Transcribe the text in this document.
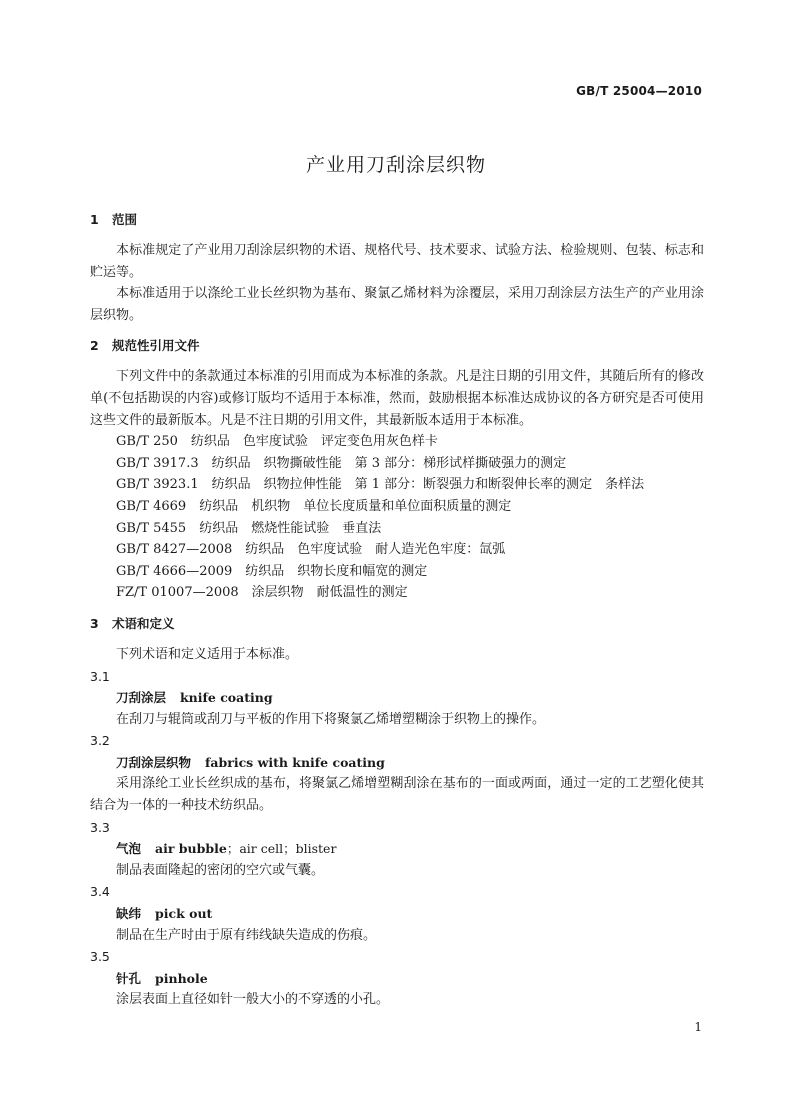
GB/T 25004—2010
产业用刀刮涂层织物
1 范围

本标准规定了产业用刀刮涂层织物的术语、规格代号、技术要求、试验方法、检验规则、包装、标志和贮运等。

本标准适用于以涤纶工业长丝织物为基布、聚氯乙烯材料为涂覆层，采用刀刮涂层方法生产的产业用涂层织物。

2 规范性引用文件

下列文件中的条款通过本标准的引用而成为本标准的条款。凡是注日期的引用文件，其随后所有的修改单(不包括勘误的内容)或修订版均不适用于本标准，然而，鼓励根据本标准达成协议的各方研究是否可使用这些文件的最新版本。凡是不注日期的引用文件，其最新版本适用于本标准。

GB/T 250　纺织品　色牢度试验　评定变色用灰色样卡
GB/T 3917.3　纺织品　织物撕破性能　第 3 部分：梯形试样撕破强力的测定
GB/T 3923.1　纺织品　织物拉伸性能　第 1 部分：断裂强力和断裂伸长率的测定　条样法
GB/T 4669　纺织品　机织物　单位长度质量和单位面积质量的测定
GB/T 5455　纺织品　燃烧性能试验　垂直法
GB/T 8427—2008　纺织品　色牢度试验　耐人造光色牢度：氙弧
GB/T 4666—2009　纺织品　织物长度和幅宽的测定
FZ/T 01007—2008　涂层织物　耐低温性的测定
3 术语和定义

下列术语和定义适用于本标准。

3.1
刀刮涂层 knife coating
在刮刀与辊筒或刮刀与平板的作用下将聚氯乙烯增塑糊涂于织物上的操作。
3.2
刀刮涂层织物 fabrics with knife coating
采用涤纶工业长丝织成的基布，将聚氯乙烯增塑糊刮涂在基布的一面或两面，通过一定的工艺塑化使其结合为一体的一种技术纺织品。
3.3
气泡 air bubble；air cell；blister
制品表面隆起的密闭的空穴或气囊。
3.4
缺纬 pick out
制品在生产时由于原有纬线缺失造成的伤痕。
3.5
针孔 pinhole
涂层表面上直径如针一般大小的不穿透的小孔。
1
